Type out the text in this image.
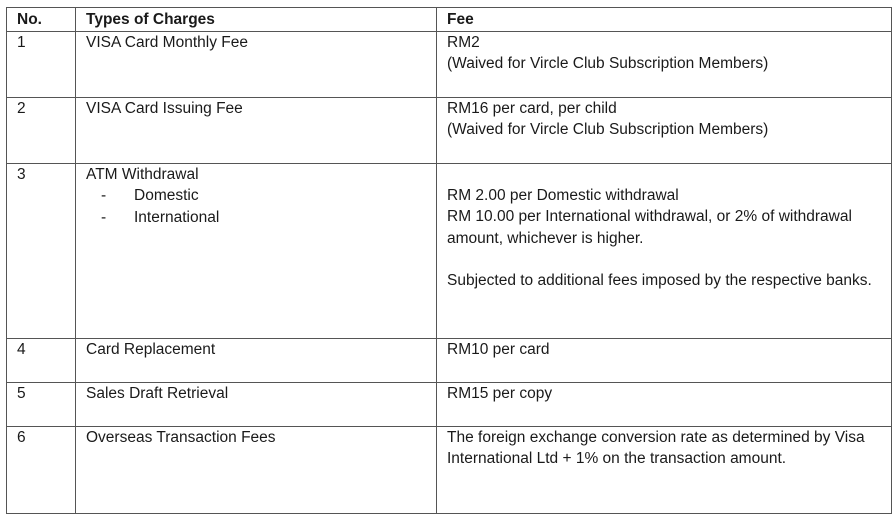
No.	Types of Charges	Fee
1	VISA Card Monthly Fee	RM2
(Waived for Vircle Club Subscription Members)

2	VISA Card Issuing Fee	RM16 per card, per child
(Waived for Vircle Club Subscription Members)

3	ATM Withdrawal
- Domestic
- International	RM 2.00 per Domestic withdrawal
RM 10.00 per International withdrawal, or 2% of withdrawal amount, whichever is higher.
Subjected to additional fees imposed by the respective banks.

4	Card Replacement	RM10 per card

5	Sales Draft Retrieval	RM15 per copy

6	Overseas Transaction Fees	The foreign exchange conversion rate as determined by Visa International Ltd + 1% on the transaction amount.
